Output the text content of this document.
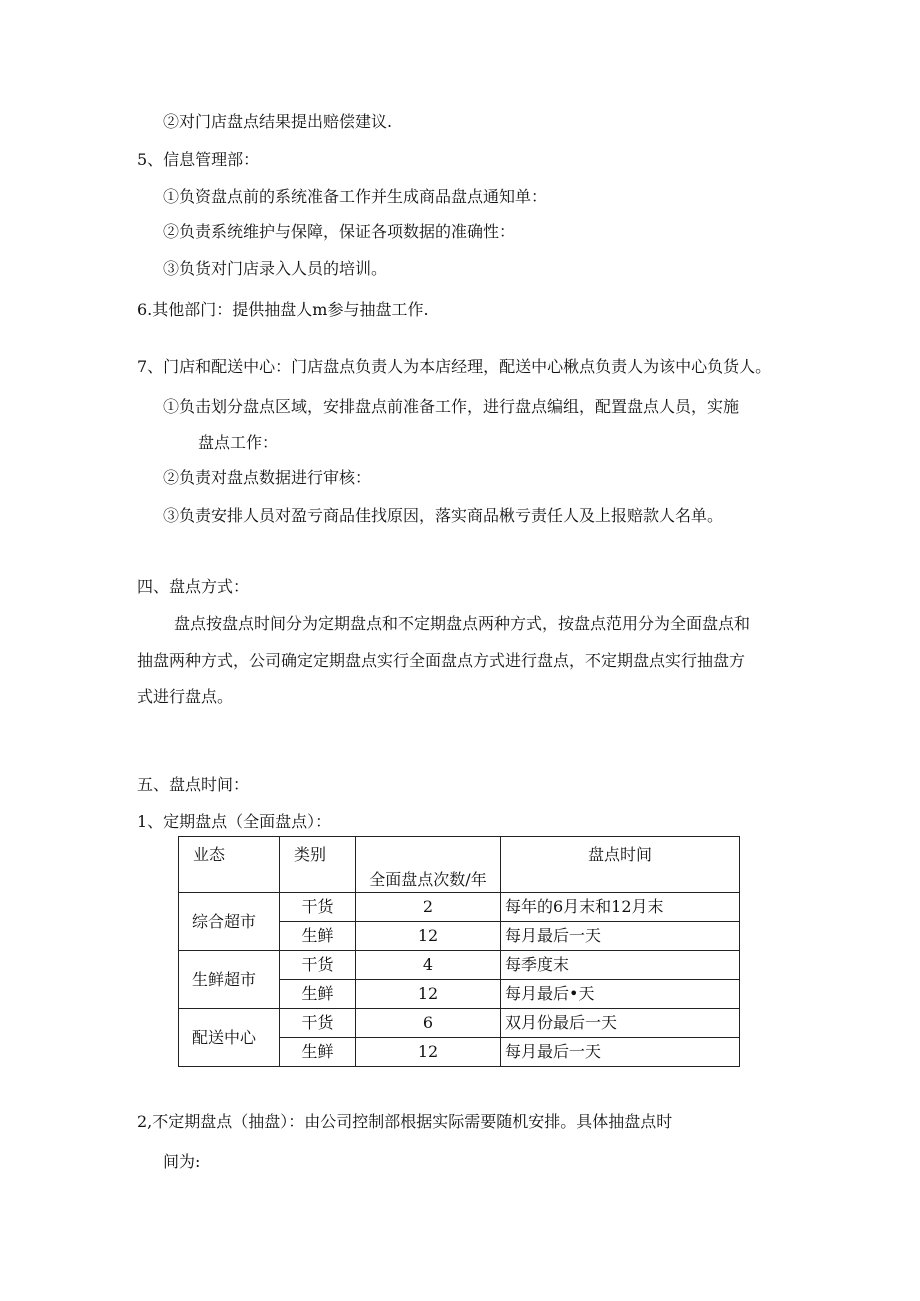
②对门店盘点结果提出赔偿建议.
5、信息管理部：
①负资盘点前的系统准备工作并生成商品盘点通知单：
②负责系统维护与保障，保证各项数据的准确性：
③负货对门店录入人员的培训。
6.其他部门：提供抽盘人m参与抽盘工作.
7、门店和配送中心：门店盘点负责人为本店经理，配送中心楸点负责人为该中心负货人。
①负击划分盘点区域，安排盘点前准备工作，进行盘点编组，配置盘点人员，实施
盘点工作：
②负责对盘点数据进行审核：
③负责安排人员对盈亏商品佳找原因，落实商品楸亏责任人及上报赔款人名单。
四、盘点方式：
盘点按盘点时间分为定期盘点和不定期盘点两种方式，按盘点范用分为全面盘点和
抽盘两种方式，公司确定定期盘点实行全面盘点方式进行盘点，不定期盘点实行抽盘方
式进行盘点。
五、盘点时间：
1、定期盘点（全面盘点）：
业态	类别	全面盘点次数/年	盘点时间
综合超市	干货	2	每年的6月末和12月末
	生鲜	12	每月最后一天
生鲜超市	干货	4	每季度末
	生鲜	12	每月最后•天
配送中心	干货	6	双月份最后一天
	生鲜	12	每月最后一天
2,不定期盘点（抽盘）：由公司控制部根据实际需要随机安排。具体抽盘点时
间为:
